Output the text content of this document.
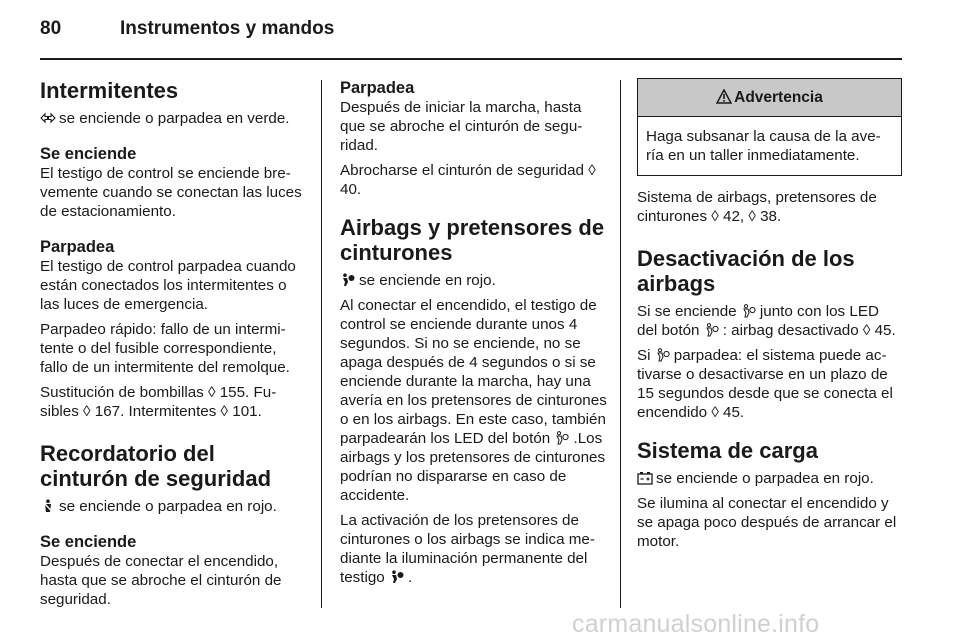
80	Instrumentos y mandos
Intermitentes

se enciende o parpadea en verde.

Se enciende

El testigo de control se enciende brevemente cuando se conectan las luces de estacionamiento.

Parpadea

El testigo de control parpadea cuando están conectados los intermitentes o las luces de emergencia.

Parpadeo rápido: fallo de un intermitente o del fusible correspondiente, fallo de un intermitente del remolque.

Sustitución de bombillas ◊ 155. Fusibles ◊ 167. Intermitentes ◊ 101.

Recordatorio del cinturón de seguridad

se enciende o parpadea en rojo.

Se enciende

Después de conectar el encendido, hasta que se abroche el cinturón de seguridad.

Parpadea

Después de iniciar la marcha, hasta que se abroche el cinturón de seguridad.

Abrocharse el cinturón de seguridad ◊ 40.

Airbags y pretensores de cinturones

se enciende en rojo.

Al conectar el encendido, el testigo de control se enciende durante unos 4 segundos. Si no se enciende, no se apaga después de 4 segundos o si se enciende durante la marcha, hay una avería en los pretensores de cinturones o en los airbags. En este caso, también parpadearán los LED del botón .Los airbags y los pretensores de cinturones podrían no dispararse en caso de accidente.

La activación de los pretensores de cinturones o los airbags se indica mediante la iluminación permanente del testigo .

Advertencia
Haga subsanar la causa de la avería en un taller inmediatamente.

Sistema de airbags, pretensores de cinturones ◊ 42, ◊ 38.

Desactivación de los airbags

Si se enciende junto con los LED del botón : airbag desactivado ◊ 45.

Si parpadea: el sistema puede activarse o desactivarse en un plazo de 15 segundos desde que se conecta el encendido ◊ 45.

Sistema de carga

se enciende o parpadea en rojo.

Se ilumina al conectar el encendido y se apaga poco después de arrancar el motor.

carmanualsonline.info
